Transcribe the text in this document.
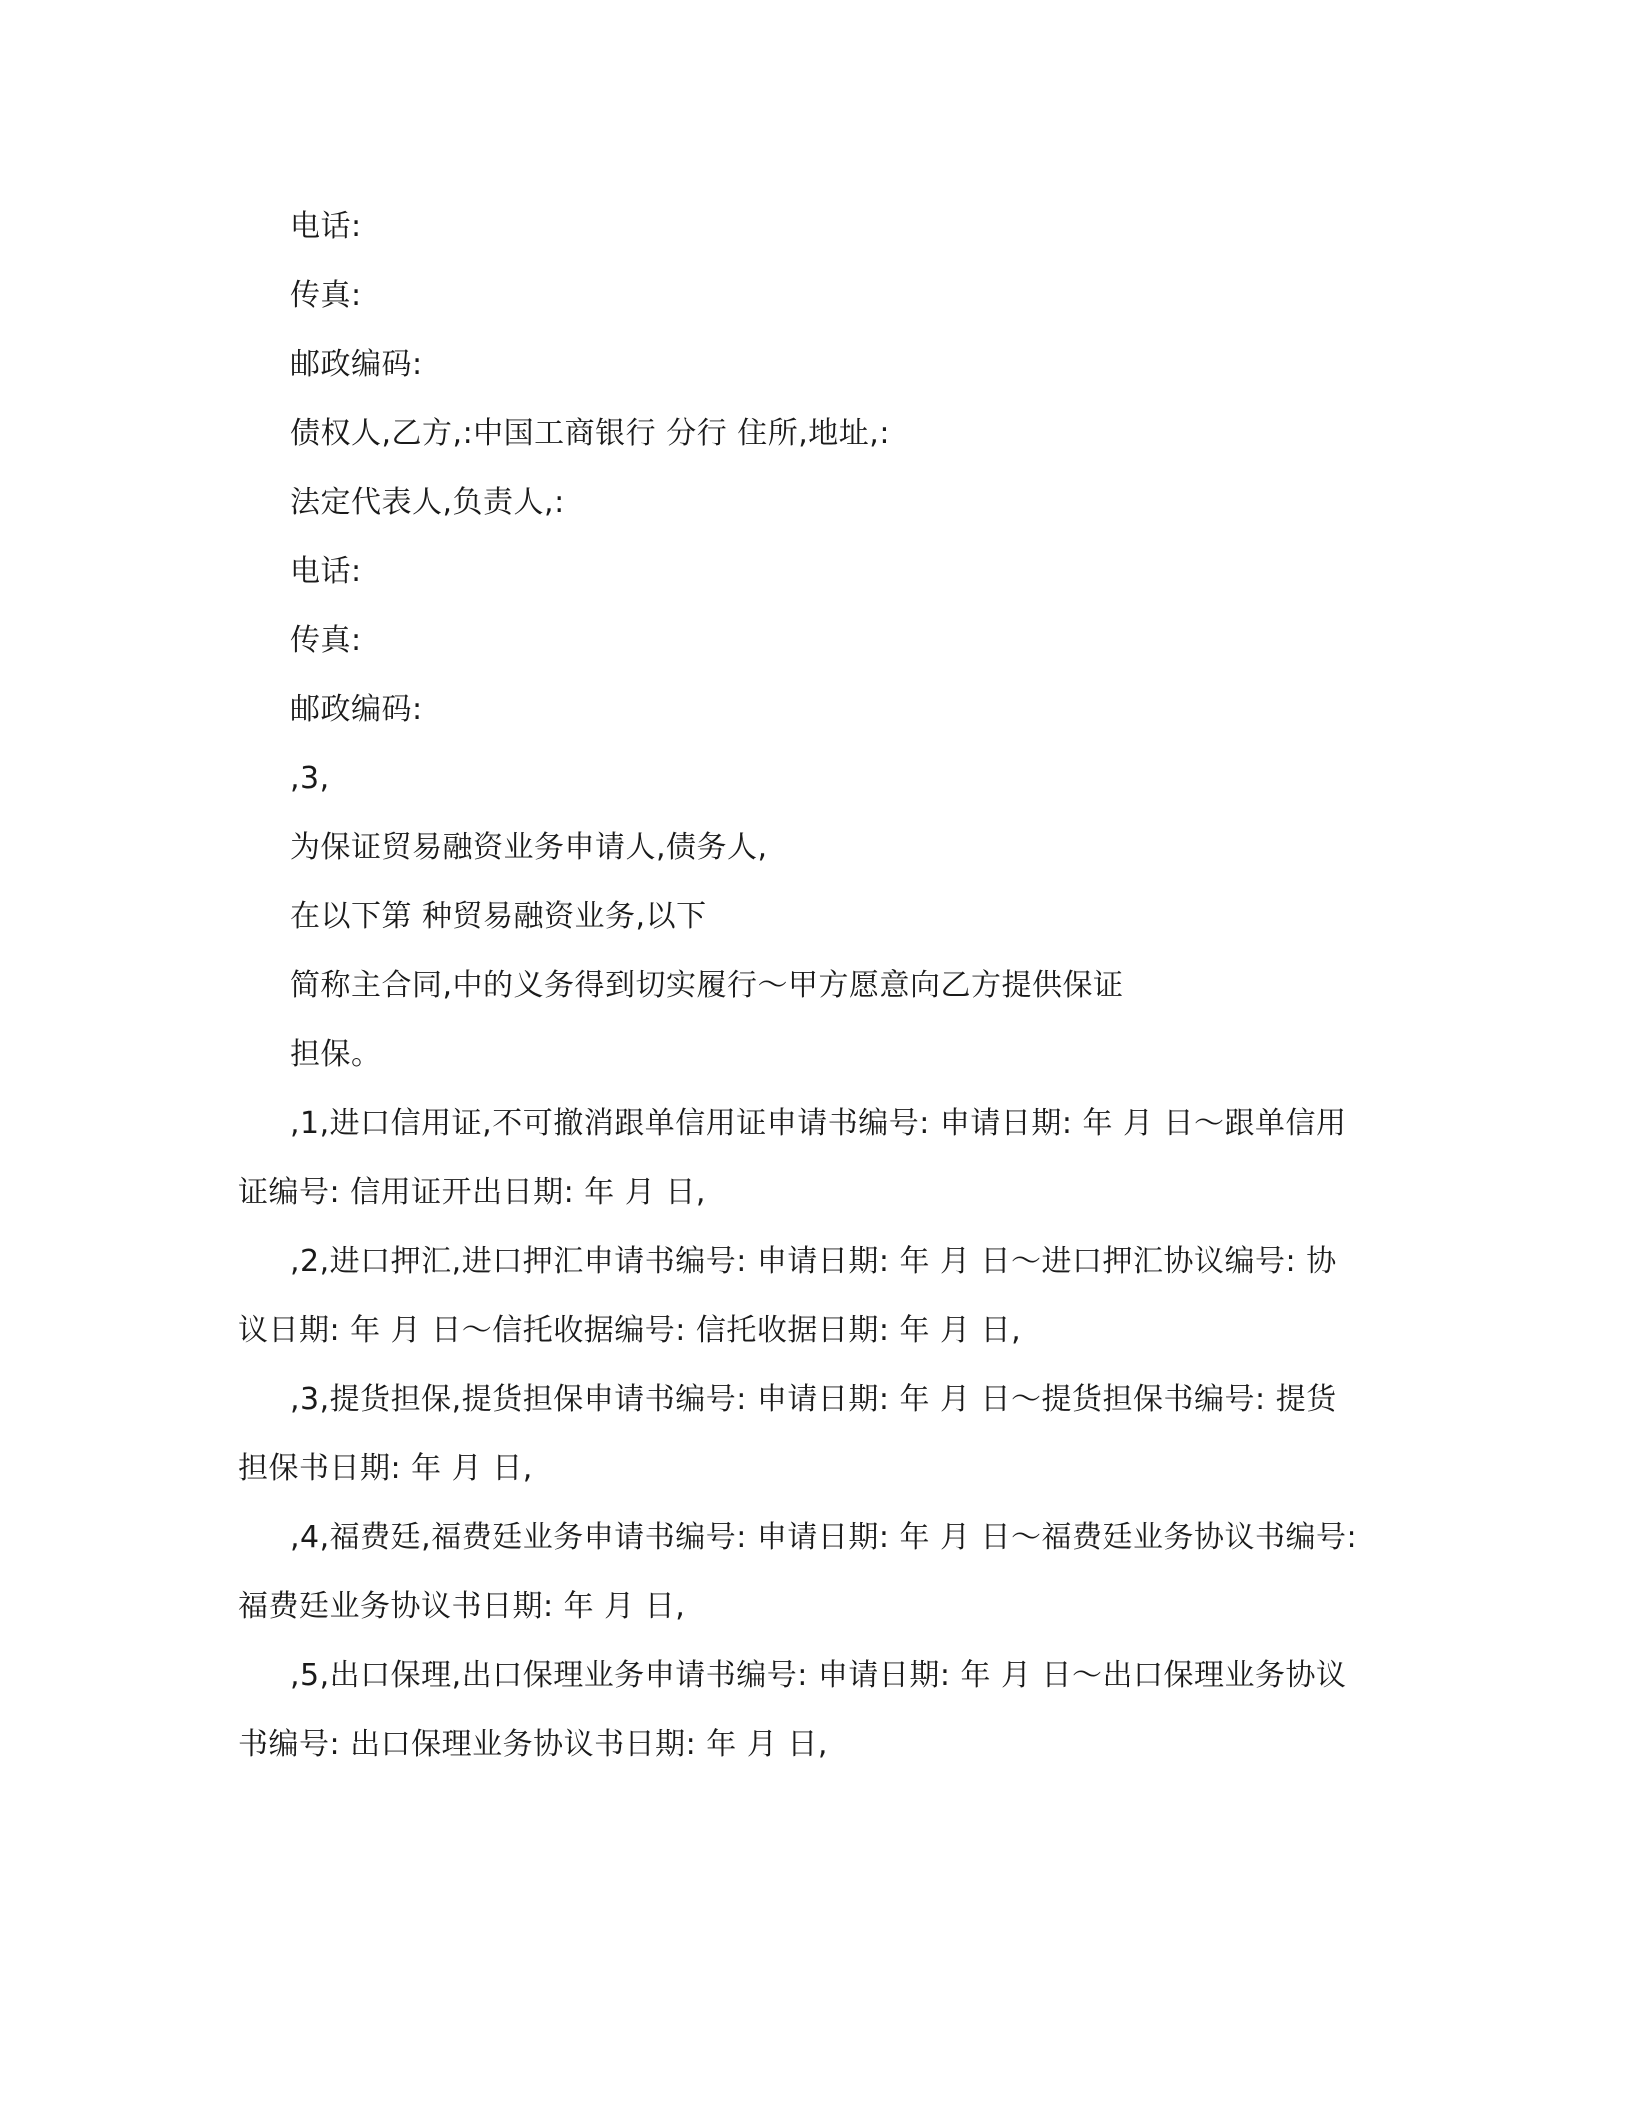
电话:
传真:
邮政编码:
债权人,乙方,:中国工商银行 分行 住所,地址,:
法定代表人,负责人,:
电话:
传真:
邮政编码:
,3,
为保证贸易融资业务申请人,债务人,
在以下第 种贸易融资业务,以下
简称主合同,中的义务得到切实履行～甲方愿意向乙方提供保证
担保。
,1,进口信用证,不可撤消跟单信用证申请书编号: 申请日期: 年 月 日～跟单信用
证编号: 信用证开出日期: 年 月 日,
,2,进口押汇,进口押汇申请书编号: 申请日期: 年 月 日～进口押汇协议编号: 协
议日期: 年 月 日～信托收据编号: 信托收据日期: 年 月 日,
,3,提货担保,提货担保申请书编号: 申请日期: 年 月 日～提货担保书编号: 提货
担保书日期: 年 月 日,
,4,福费廷,福费廷业务申请书编号: 申请日期: 年 月 日～福费廷业务协议书编号:
福费廷业务协议书日期: 年 月 日,
,5,出口保理,出口保理业务申请书编号: 申请日期: 年 月 日～出口保理业务协议
书编号: 出口保理业务协议书日期: 年 月 日,
